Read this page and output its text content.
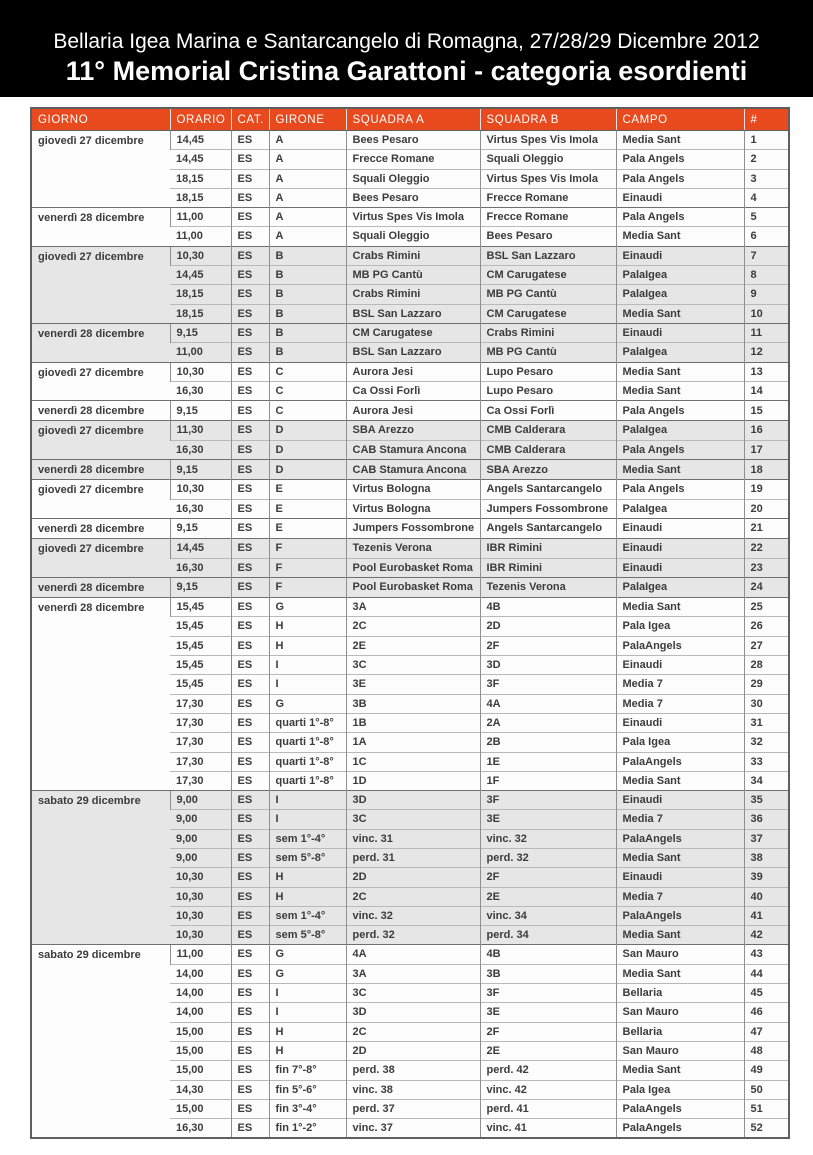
Bellaria Igea Marina e Santarcangelo di Romagna, 27/28/29 Dicembre 2012
11° Memorial Cristina Garattoni - categoria esordienti
GIORNO	ORARIO	CAT.	GIRONE	SQUADRA A	SQUADRA B	CAMPO	#
giovedì 27 dicembre	14,45	ES	A	Bees Pesaro	Virtus Spes Vis Imola	Media Sant	1
	14,45	ES	A	Frecce Romane	Squali Oleggio	Pala Angels	2
	18,15	ES	A	Squali Oleggio	Virtus Spes Vis Imola	Pala Angels	3
	18,15	ES	A	Bees Pesaro	Frecce Romane	Einaudi	4
venerdì 28 dicembre	11,00	ES	A	Virtus Spes Vis Imola	Frecce Romane	Pala Angels	5
	11,00	ES	A	Squali Oleggio	Bees Pesaro	Media Sant	6
giovedì 27 dicembre	10,30	ES	B	Crabs Rimini	BSL San Lazzaro	Einaudi	7
	14,45	ES	B	MB PG Cantù	CM Carugatese	PalaIgea	8
	18,15	ES	B	Crabs Rimini	MB PG Cantù	PalaIgea	9
	18,15	ES	B	BSL San Lazzaro	CM Carugatese	Media Sant	10
venerdì 28 dicembre	9,15	ES	B	CM Carugatese	Crabs Rimini	Einaudi	11
	11,00	ES	B	BSL San Lazzaro	MB PG Cantù	PalaIgea	12
giovedì 27 dicembre	10,30	ES	C	Aurora Jesi	Lupo Pesaro	Media Sant	13
	16,30	ES	C	Ca Ossi Forlì	Lupo Pesaro	Media Sant	14
venerdì 28 dicembre	9,15	ES	C	Aurora Jesi	Ca Ossi Forlì	Pala Angels	15
giovedì 27 dicembre	11,30	ES	D	SBA Arezzo	CMB Calderara	PalaIgea	16
	16,30	ES	D	CAB Stamura Ancona	CMB Calderara	Pala Angels	17
venerdì 28 dicembre	9,15	ES	D	CAB Stamura Ancona	SBA Arezzo	Media Sant	18
giovedì 27 dicembre	10,30	ES	E	Virtus Bologna	Angels Santarcangelo	Pala Angels	19
	16,30	ES	E	Virtus Bologna	Jumpers Fossombrone	PalaIgea	20
venerdì 28 dicembre	9,15	ES	E	Jumpers Fossombrone	Angels Santarcangelo	Einaudi	21
giovedì 27 dicembre	14,45	ES	F	Tezenis Verona	IBR Rimini	Einaudi	22
	16,30	ES	F	Pool Eurobasket Roma	IBR Rimini	Einaudi	23
venerdì 28 dicembre	9,15	ES	F	Pool Eurobasket Roma	Tezenis Verona	PalaIgea	24
venerdì 28 dicembre	15,45	ES	G	3A	4B	Media Sant	25
	15,45	ES	H	2C	2D	Pala Igea	26
	15,45	ES	H	2E	2F	PalaAngels	27
	15,45	ES	I	3C	3D	Einaudi	28
	15,45	ES	I	3E	3F	Media 7	29
	17,30	ES	G	3B	4A	Media 7	30
	17,30	ES	quarti 1°-8°	1B	2A	Einaudi	31
	17,30	ES	quarti 1°-8°	1A	2B	Pala Igea	32
	17,30	ES	quarti 1°-8°	1C	1E	PalaAngels	33
	17,30	ES	quarti 1°-8°	1D	1F	Media Sant	34
sabato 29 dicembre	9,00	ES	I	3D	3F	Einaudi	35
	9,00	ES	I	3C	3E	Media 7	36
	9,00	ES	sem 1°-4°	vinc. 31	vinc. 32	PalaAngels	37
	9,00	ES	sem 5°-8°	perd. 31	perd. 32	Media Sant	38
	10,30	ES	H	2D	2F	Einaudi	39
	10,30	ES	H	2C	2E	Media 7	40
	10,30	ES	sem 1°-4°	vinc. 32	vinc. 34	PalaAngels	41
	10,30	ES	sem 5°-8°	perd. 32	perd. 34	Media Sant	42
sabato 29 dicembre	11,00	ES	G	4A	4B	San Mauro	43
	14,00	ES	G	3A	3B	Media Sant	44
	14,00	ES	I	3C	3F	Bellaria	45
	14,00	ES	I	3D	3E	San Mauro	46
	15,00	ES	H	2C	2F	Bellaria	47
	15,00	ES	H	2D	2E	San Mauro	48
	15,00	ES	fin 7°-8°	perd. 38	perd. 42	Media Sant	49
	14,30	ES	fin 5°-6°	vinc. 38	vinc. 42	Pala Igea	50
	15,00	ES	fin 3°-4°	perd. 37	perd. 41	PalaAngels	51
	16,30	ES	fin 1°-2°	vinc. 37	vinc. 41	PalaAngels	52
